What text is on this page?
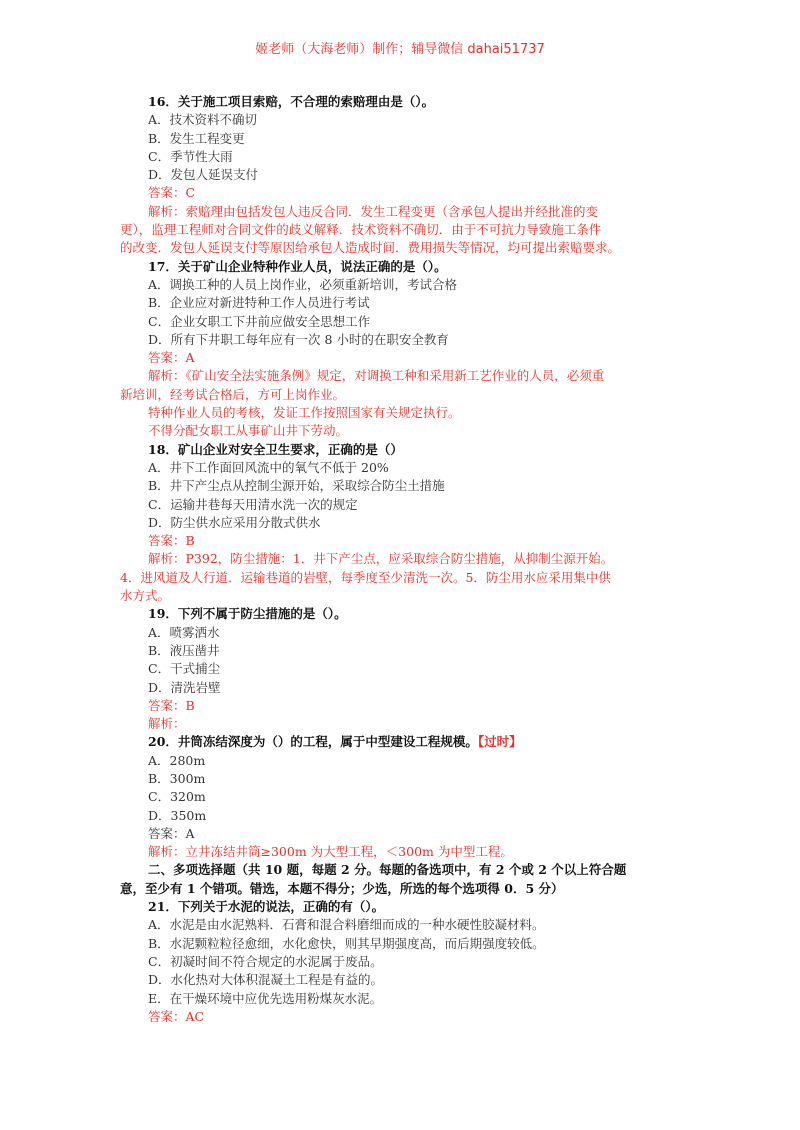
姬老师（大海老师）制作；辅导微信 dahai51737
16．关于施工项目索赔，不合理的索赔理由是（）。
A．技术资料不确切
B．发生工程变更
C．季节性大雨
D．发包人延误支付
答案：C
解析：索赔理由包括发包人违反合同．发生工程变更（含承包人提出并经批准的变
更），监理工程师对合同文件的歧义解释．技术资料不确切．由于不可抗力导致施工条件
的改变．发包人延误支付等原因给承包人造成时间．费用损失等情况，均可提出索赔要求。
17．关于矿山企业特种作业人员，说法正确的是（）。
A．调换工种的人员上岗作业，必须重新培训，考试合格
B．企业应对新进特种工作人员进行考试
C．企业女职工下井前应做安全思想工作
D．所有下井职工每年应有一次 8 小时的在职安全教育
答案：A
解析：《矿山安全法实施条例》规定，对调换工种和采用新工艺作业的人员，必须重
新培训，经考试合格后，方可上岗作业。
特种作业人员的考核，发证工作按照国家有关规定执行。
不得分配女职工从事矿山井下劳动。
18．矿山企业对安全卫生要求，正确的是（）
A．井下工作面回风流中的氧气不低于 20%
B．井下产尘点从控制尘源开始，采取综合防尘土措施
C．运输井巷每天用清水洗一次的规定
D．防尘供水应采用分散式供水
答案：B
解析：P392，防尘措施：1．井下产尘点，应采取综合防尘措施，从抑制尘源开始。
4．进风道及人行道．运输巷道的岩壁，每季度至少清洗一次。5．防尘用水应采用集中供
水方式。
19．下列不属于防尘措施的是（）。
A．喷雾洒水
B．液压凿井
C．干式捕尘
D．清洗岩壁
答案：B
解析：
20．井筒冻结深度为（）的工程，属于中型建设工程规模。【过时】
A．280m
B．300m
C．320m
D．350m
答案：A
解析：立井冻结井筒≥300m 为大型工程，＜300m 为中型工程。
二、多项选择题（共 10 题，每题 2 分。每题的备选项中，有 2 个或 2 个以上符合题
意，至少有 1 个错项。错选，本题不得分；少选，所选的每个选项得 0．5 分）
21．下列关于水泥的说法，正确的有（）。
A．水泥是由水泥熟料．石膏和混合料磨细而成的一种水硬性胶凝材料。
B．水泥颗粒粒径愈细，水化愈快，则其早期强度高，而后期强度较低。
C．初凝时间不符合规定的水泥属于废品。
D．水化热对大体积混凝土工程是有益的。
E．在干燥环境中应优先选用粉煤灰水泥。
答案：AC
